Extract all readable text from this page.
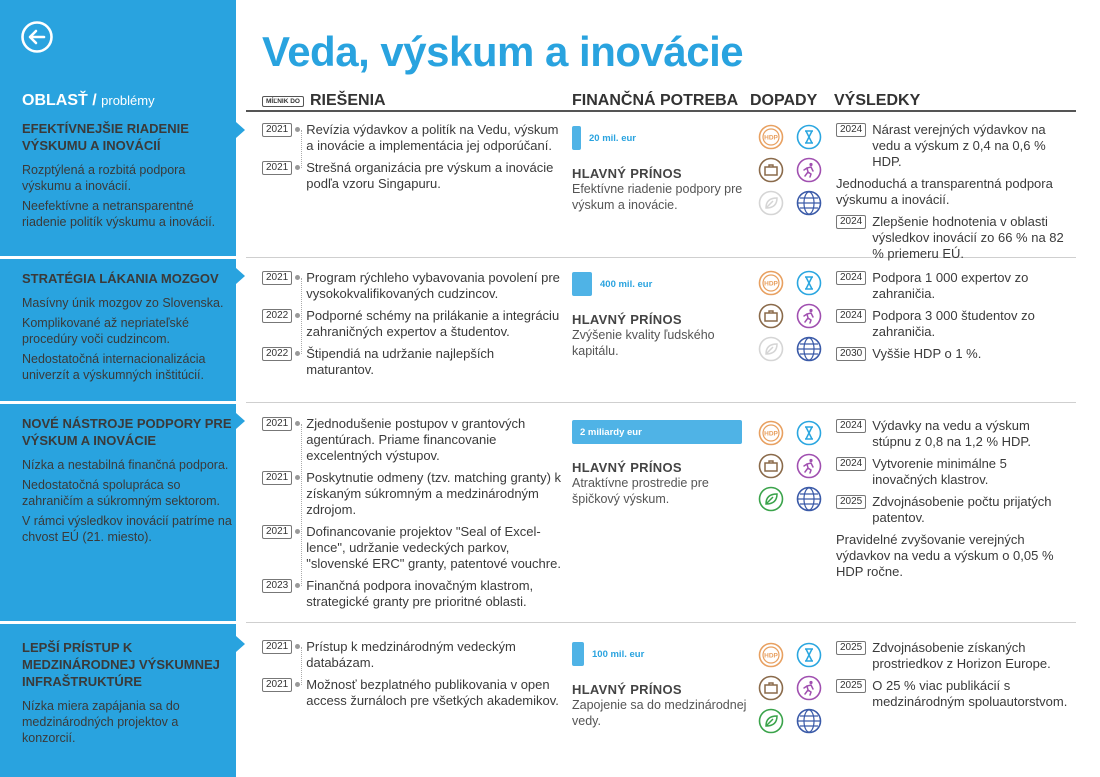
Veda, výskum a inovácie
OBLASŤ / problémy	MÍĽNIK DO RIEŠENIA	FINANČNÁ POTREBA DOPADY VÝSLEDKY
EFEKTÍVNEJŠIE RIADENIE VÝSKUMU A INOVÁCIÍ
Rozptýlená a rozbitá podpora výskumu a inovácií.
Neefektívne a netransparentné riadenie politík výskumu a inovácií.
2021	Revízia výdavkov a politík na Vedu, výskum a inovácie a implementácia jej odporúčaní.
2021	Strešná organizácia pre výskum a inovácie podľa vzoru Singapuru.
20 mil. eur
HLAVNÝ PRÍNOS
Efektívne riadenie podpory pre výskum a inovácie.
HDP
2024 Nárast verejných výdavkov na vedu a výskum z 0,4 na 0,6 % HDP.
Jednoduchá a transparentná podpora výskumu a inovácií.
2024 Zlepšenie hodnotenia v oblasti výsledkov inovácií zo 66 % na 82 % priemeru EÚ.
STRATÉGIA LÁKANIA MOZGOV
Masívny únik mozgov zo Slovenska.
Komplikované až nepriateľské procedúry voči cudzincom.
Nedostatočná internacionalizácia univerzít a výskumných inštitúcií.
2021	Program rýchleho vybavovania povolení pre vysokokvalifikovaných cudzincov.
2022	Podporné schémy na prilákanie a integráciu zahraničných expertov a študentov.
2022	Štipendiá na udržanie najlepších maturantov.
400 mil. eur
HLAVNÝ PRÍNOS
Zvýšenie kvality ľudského kapitálu.
HDP
2024 Podpora 1 000 expertov zo zahraničia.
2024 Podpora 3 000 študentov zo zahraničia.
2030 Vyššie HDP o 1 %.
NOVÉ NÁSTROJE PODPORY PRE VÝSKUM A INOVÁCIE
Nízka a nestabilná finančná podpora.
Nedostatočná spolupráca so zahraničím a súkromným sektorom.
V rámci výsledkov inovácií patríme na chvost EÚ (21. miesto).
2021	Zjednodušenie postupov v grantových agentúrach. Priame financovanie excelentných výstupov.
2021	Poskytnutie odmeny (tzv. matching granty) k získaným súkromným a medzinárodným zdrojom.
2021	Dofinancovanie projektov "Seal of Excel- lence", udržanie vedeckých parkov, "slovenské ERC" granty, patentové vouchre.
2023	Finančná podpora inovačným klastrom, strategické granty pre prioritné oblasti.
2 miliardy eur
HLAVNÝ PRÍNOS
Atraktívne prostredie pre špičkový výskum.
HDP
2024 Výdavky na vedu a výskum stúpnu z 0,8 na 1,2 % HDP.
2024 Vytvorenie minimálne 5 inovačných klastrov.
2025 Zdvojnásobenie počtu prijatých patentov.
Pravidelné zvyšovanie verejných výdavkov na vedu a výskum o 0,05 % HDP ročne.
LEPŠÍ PRÍSTUP K MEDZINÁRODNEJ VÝSKUMNEJ INFRAŠTRUKTÚRE
Nízka miera zapájania sa do medzinárodných projektov a konzorcií.
2021	Prístup k medzinárodným vedeckým databázam.
2021	Možnosť bezplatného publikovania v open access žurnáloch pre všetkých akademikov.
100 mil. eur
HLAVNÝ PRÍNOS
Zapojenie sa do medzinárodnej vedy.
HDP
2025 Zdvojnásobenie získaných prostriedkov z Horizon Europe.
2025 O 25 % viac publikácií s medzinárodným spoluautorstvom.
